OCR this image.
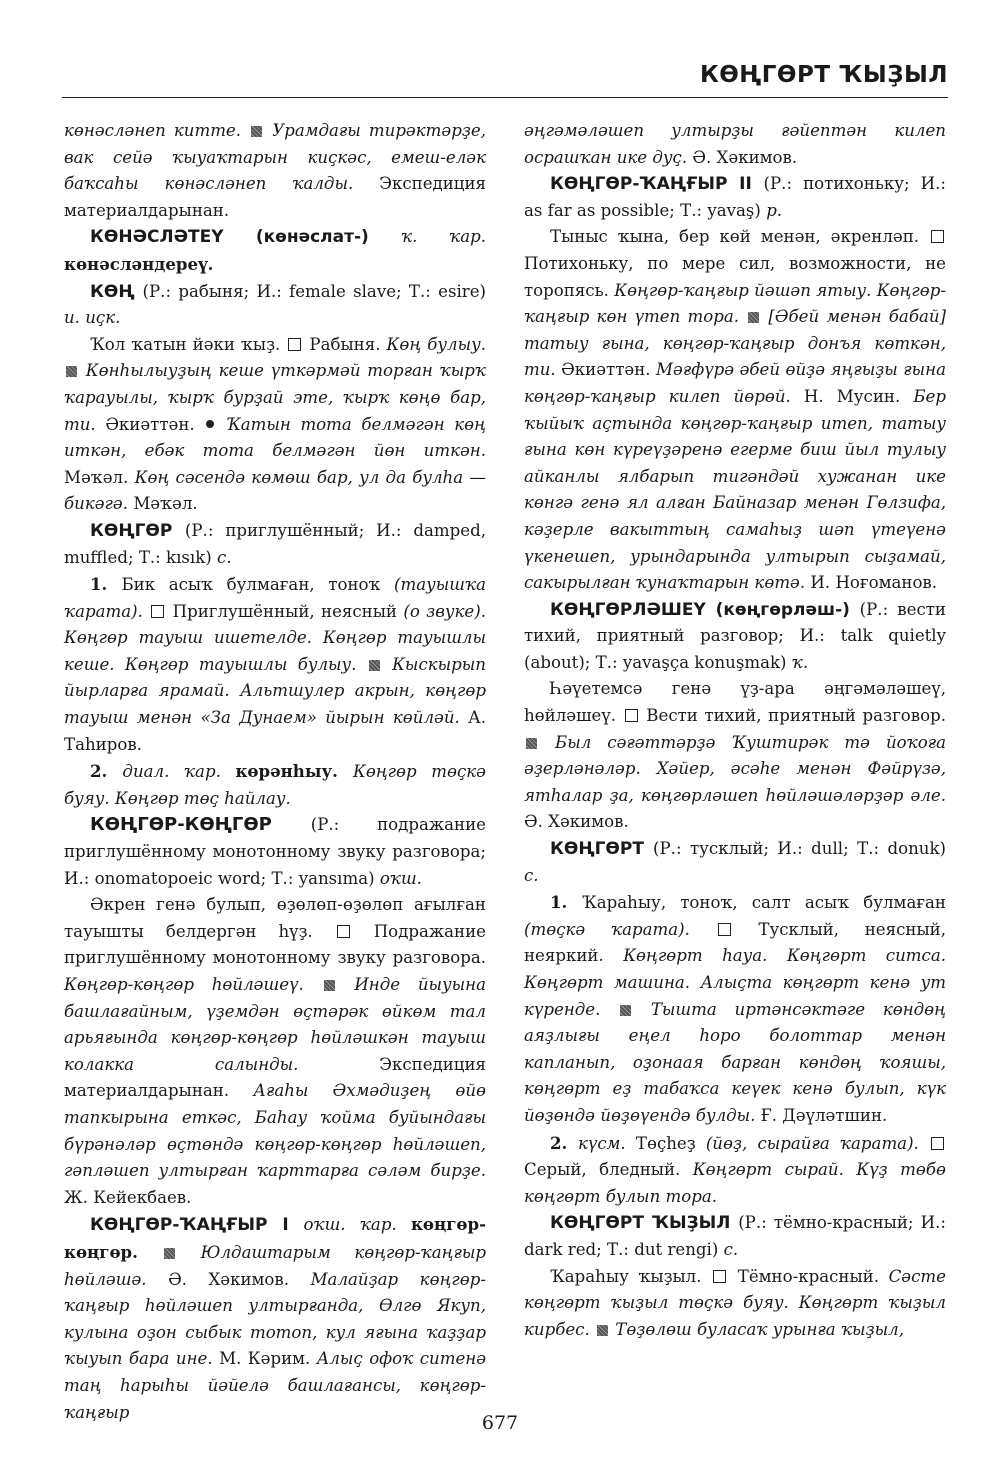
КӨҢГӨРТ ҠЫҘЫЛ

көнәсләнеп китте.  Урамдағы тирәктәрҙе, вак сейә ҡыуаҡтарын киҫкәс, емеш-еләк баҡсаһы көнәсләнеп ҡалды. Экспедиция материалдарынан.

КӨНӘСЛӘТЕҮ (көнәслат-) ҡ. ҡар. көнәсләндереү.

КӨҢ (Р.: рабыня; И.: female slave; Т.: esire) и. иҫк.

Ҡол ҡатын йәки ҡыҙ.  Рабыня. Көң булыу.  Көнһылыуҙың кеше үткәрмәй торған ҡырҡ ҡарауылы, ҡырҡ бурҙай эте, ҡырҡ көңө бар, ти. Әкиәттән.  Ҡатын тота белмәгән көң иткән, ебәк тота белмәгән йөн иткән. Мәҡәл. Көң сәсендә көмөш бар, ул да булһа — бикәгә. Мәҡәл.

КӨҢГӨР (Р.: приглушённый; И.: damped, muffled; Т.: kısık) с.

1. Бик асыҡ булмаған, тоноҡ (тауышҡа ҡарата).  Приглушённый, неясный (о звуке). Көңгөр тауыш ишетелде. Көңгөр тауышлы кеше. Көңгөр тауышлы булыу.  Кыскырып йырларға ярамай. Альтшулер акрын, көңгөр тауыш менән «За Дунаем» йырын көйләй. А. Таһиров.

2. диал. ҡар. көрәнһыу. Көңгөр төҫкә буяу. Көңгөр төҫ һайлау.

КӨҢГӨР-КӨҢГӨР (Р.: подражание приглушённому монотонному звуку разговора; И.: onomatopoeic word; Т.: yansıma) оҡш.

Әкрен генә булып, өҙөлөп-өҙөлөп ағылған тауышты белдергән һүҙ.  Подражание приглушённому монотонному звуку разговора. Көңгөр-көңгөр һөйләшеү.  Инде йыуына башлағайным, үҙемдән өҫтәрәк өйкөм тал арьяғында көңгөр-көңгөр һөйләшкән тауыш колакка салынды. Экспедиция материалдарынан. Ағаһы Әхмәдиҙең өйө тапкырына еткәс, Баһау ҡойма буйындағы бүрәнәләр өҫтөндә көңгөр-көңгөр һөйләшеп, гәпләшеп ултырған ҡарттарға сәләм бирҙе. Ж. Кейекбаев.

КӨҢГӨР-ҠАҢҒЫР I оҡш. ҡар. көңгөр-көңгөр.  Юлдаштарым көңгөр-ҡаңғыр һөйләшә. Ә. Хәкимов. Малайҙар көңгөр-ҡаңғыр һөйләшеп ултырғанда, Өлгө Якуп, кулына оҙон сыбык тотоп, кул яғына ҡаҙҙар ҡыуып бара ине. М. Кәрим. Алыҫ офоҡ ситенә таң һарыһы йәйелә башлағансы, көңгөр-ҡаңғыр

әңгәмәләшеп ултырҙы ғәйептән килеп осрашҡан ике дуҫ. Ә. Хәкимов.

КӨҢГӨР-ҠАҢҒЫР II (Р.: потихоньку; И.: as far as possible; Т.: yavaş) р.

Тыныс ҡына, бер көй менән, әкренләп.  Потихоньку, по мере сил, возможности, не торопясь. Көңгөр-ҡаңғыр йәшәп ятыу. Көңгөр-ҡаңғыр көн үтеп тора.  [Әбей менән бабай] татыу ғына, көңгөр-ҡаңғыр донъя көткән, ти. Әкиәттән. Мәғфүрә әбей өйҙә яңғыҙы ғына көңгөр-ҡаңғыр килеп йөрөй. Н. Мусин. Бер ҡыйыҡ аҫтында көңгөр-ҡаңғыр итеп, татыу ғына көн күреүҙәренә егерме биш йыл тулыу айканлы ялбарып тигәндәй хужанан ике көнгә генә ял алған Байназар менән Гөлзифа, кәҙерле вакыттың самаһыҙ шәп үтеүенә үкенешеп, урындарында ултырып сыҙамай, сакырылған ҡунаҡтарын көтә. И. Ноғоманов.

КӨҢГӨРЛӘШЕҮ (көңгөрләш-) (Р.: вести тихий, приятный разговор; И.: talk quietly (about); Т.: yavaşça konuşmak) ҡ.

Һәүетемсә генә үҙ-ара әңгәмәләшеү, һөйләшеү.  Вести тихий, приятный разговор.  Был сәғәттәрҙә Ҡуштирәк тә йоҡоға әҙерләнәләр. Хәйер, әсәһе менән Фәйрүзә, ятһалар ҙа, көңгөрләшеп һөйләшәләрҙәр әле. Ә. Хәкимов.

КӨҢГӨРТ (Р.: тусклый; И.: dull; Т.: donuk) с.

1. Ҡараһыу, тоноҡ, салт асыҡ булмаған (төҫкә ҡарата).  Тусклый, неясный, неяркий. Көңгөрт һауа. Көңгөрт ситса. Көңгөрт машина. Алыҫта көңгөрт кенә ут күренде.  Тышта иртәнсәктәге көндөң аяҙлығы еңел һоро болоттар менән капланып, оҙонаая барған көндөң ҡояшы, көңгөрт еҙ табаҡса кеүек кенә булып, күк йөҙөндә йөҙөүендә булды. Ғ. Дәүләтшин.

2. күсм. Төҫһеҙ (йөҙ, сырайға ҡарата).  Серый, бледный. Көңгөрт сырай. Күҙ төбө көңгөрт булып тора.

КӨҢГӨРТ ҠЫҘЫЛ (Р.: тёмно-красный; И.: dark red; Т.: dut rengi) с.

Ҡараһыу ҡыҙыл.  Тёмно-красный. Сәсте көңгөрт ҡыҙыл төҫкә буяу. Көңгөрт ҡыҙыл кирбес.  Төҙөлөш буласаҡ урынға ҡыҙыл,

677
